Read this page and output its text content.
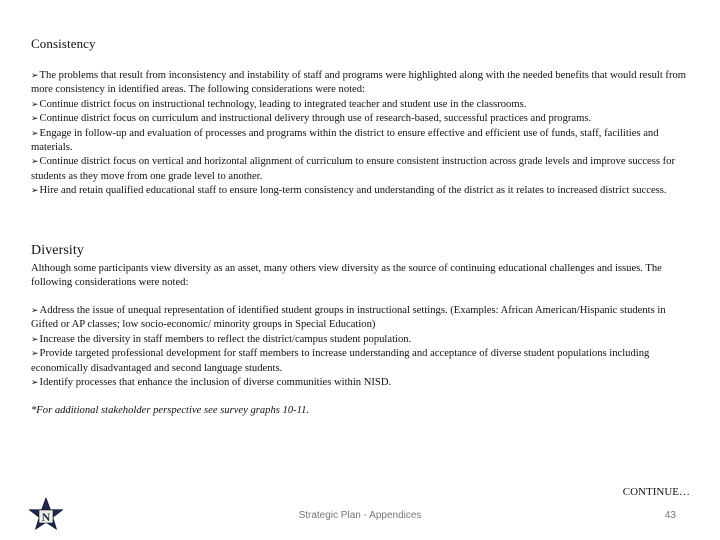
Consistency

➢The problems that result from inconsistency and instability of staff and programs were highlighted along with the needed benefits that would result from more consistency in identified areas. The following considerations were noted:

➢Continue district focus on instructional technology, leading to integrated teacher and student use in the classrooms.

➢Continue district focus on curriculum and instructional delivery through use of research-based, successful practices and programs.

➢Engage in follow-up and evaluation of processes and programs within the district to ensure effective and efficient use of funds, staff, facilities and materials.

➢Continue district focus on vertical and horizontal alignment of curriculum to ensure consistent instruction across grade levels and improve success for students as they move from one grade level to another.

➢Hire and retain qualified educational staff to ensure long-term consistency and understanding of the district as it relates to increased district success.

Diversity
Although some participants view diversity as an asset, many others view diversity as the source of continuing educational challenges and issues. The following considerations were noted:

➢Address the issue of unequal representation of identified student groups in instructional settings. (Examples: African American/Hispanic students in Gifted or AP classes; low socio-economic/ minority groups in Special Education)

➢Increase the diversity in staff members to reflect the district/campus student population.

➢Provide targeted professional development for staff members to increase understanding and acceptance of diverse student populations including economically disadvantaged and second language students.

➢Identify processes that enhance the inclusion of diverse communities within NISD.

*For additional stakeholder perspective see survey graphs 10-11.
CONTINUE…
N	Strategic Plan - Appendices	43
